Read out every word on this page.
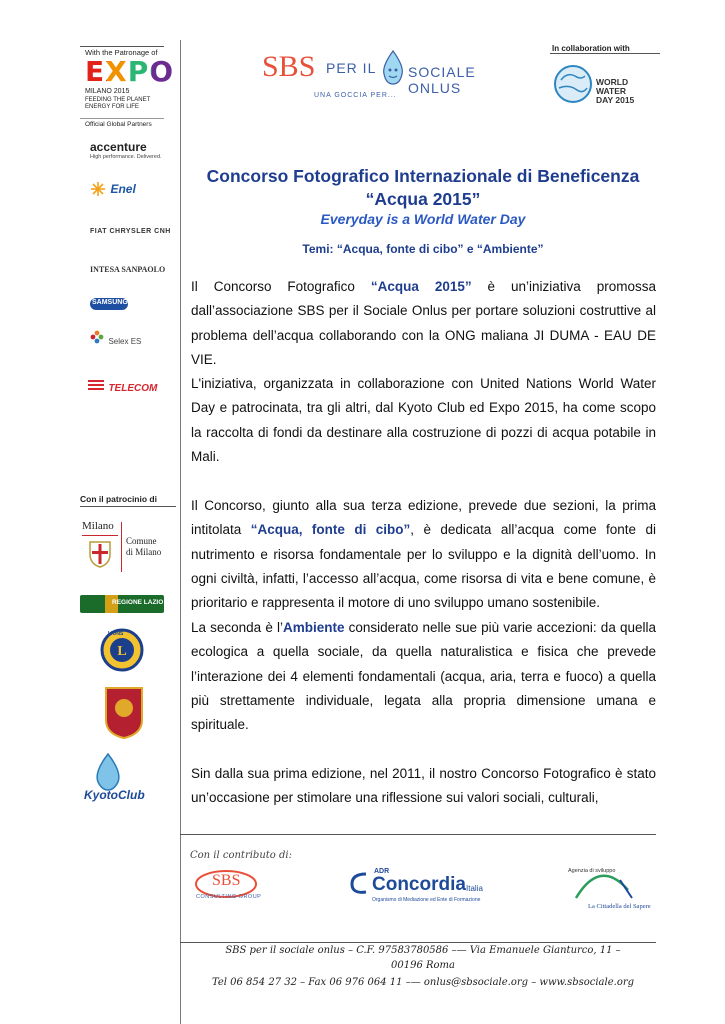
With the Patronage of
EXPO
MILANO 2015
FEEDING THE PLANET
ENERGY FOR LIFE
Official Global Partners
accenture
High performance. Delivered.
Enel
FIAT CHRYSLER CNH
INTESA SANPAOLO
SAMSUNG
Selex ES
TELECOM
Con il patrocinio di
Milano
Comune
di Milano
REGIONE LAZIO
L
LIONS
KyotoClub
SBS PER IL SOCIALE
ONLUS
UNA GOCCIA PER...
In collaboration with
WORLD
WATER
DAY 2015
Concorso Fotografico Internazionale di Beneficenza
“Acqua 2015”
Everyday is a World Water Day
Temi: “Acqua, fonte di cibo” e “Ambiente”

Il Concorso Fotografico “Acqua 2015” è un’iniziativa promossa dall’associazione SBS per il Sociale Onlus per portare soluzioni costruttive al problema dell’acqua collaborando con la ONG maliana JI DUMA - EAU DE VIE.

L'iniziativa, organizzata in collaborazione con United Nations World Water Day e patrocinata, tra gli altri, dal Kyoto Club ed Expo 2015, ha come scopo la raccolta di fondi da destinare alla costruzione di pozzi di acqua potabile in Mali.

Il Concorso, giunto alla sua terza edizione, prevede due sezioni, la prima intitolata “Acqua, fonte di cibo”, è dedicata all’acqua come fonte di nutrimento e risorsa fondamentale per lo sviluppo e la dignità dell’uomo. In ogni civiltà, infatti, l’accesso all’acqua, come risorsa di vita e bene comune, è prioritario e rappresenta il motore di uno sviluppo umano sostenibile.

La seconda è l’Ambiente considerato nelle sue più varie accezioni: da quella ecologica a quella sociale, da quella naturalistica e fisica che prevede l’interazione dei 4 elementi fondamentali (acqua, aria, terra e fuoco) a quella più strettamente individuale, legata alla propria dimensione umana e spirituale.

Sin dalla sua prima edizione, nel 2011, il nostro Concorso Fotografico è stato un’occasione per stimolare una riflessione sui valori sociali, culturali,

Con il contributo di:
SBS
CONSULTING GROUP
ADR
Concordia Italia
Organismo di Mediazione ed Ente di Formazione
Agenzia di sviluppo
La Cittadella del Sapere
SBS per il sociale onlus – C.F. 97583780586 –— Via Emanuele Gianturco, 11 –
00196 Roma
Tel 06 854 27 32 – Fax 06 976 064 11 –— onlus@sbsociale.org – www.sbsociale.org
